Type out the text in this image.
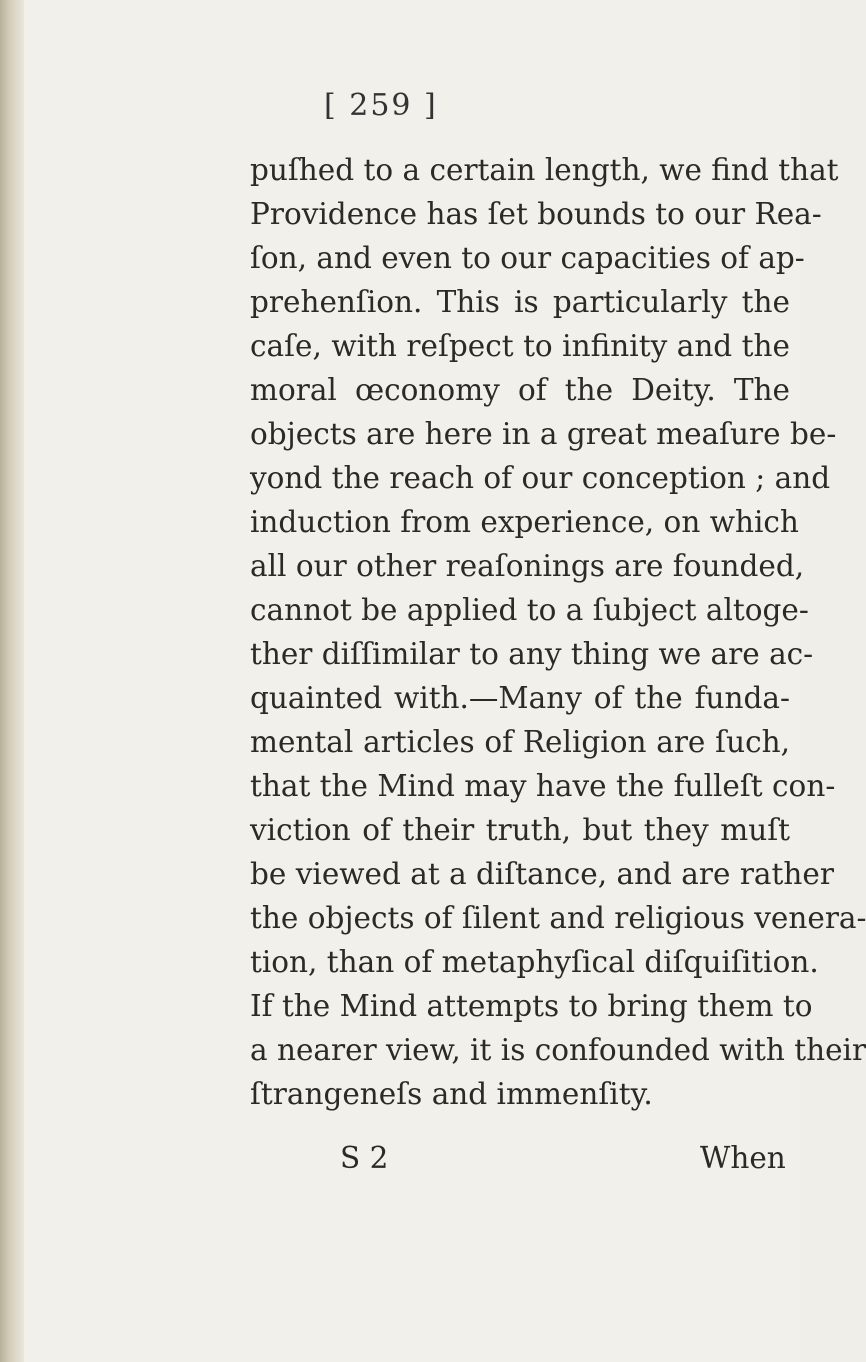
[ 259 ]
puſhed to a certain length, we find that
Providence has ſet bounds to our Rea-
ſon, and even to our capacities of ap-
prehenſion. This is particularly the
caſe, with reſpect to infinity and the
moral œconomy of the Deity. The
objects are here in a great meaſure be-
yond the reach of our conception ; and
induction from experience, on which
all our other reaſonings are founded,
cannot be applied to a ſubject altoge-
ther diſſimilar to any thing we are ac-
quainted with.—Many of the funda-
mental articles of Religion are ſuch,
that the Mind may have the fulleſt con-
viction of their truth, but they muſt
be viewed at a diſtance, and are rather
the objects of ſilent and religious venera-
tion, than of metaphyſical diſquiſition.
If the Mind attempts to bring them to
a nearer view, it is confounded with their
ſtrangeneſs and immenſity.
S 2	When
